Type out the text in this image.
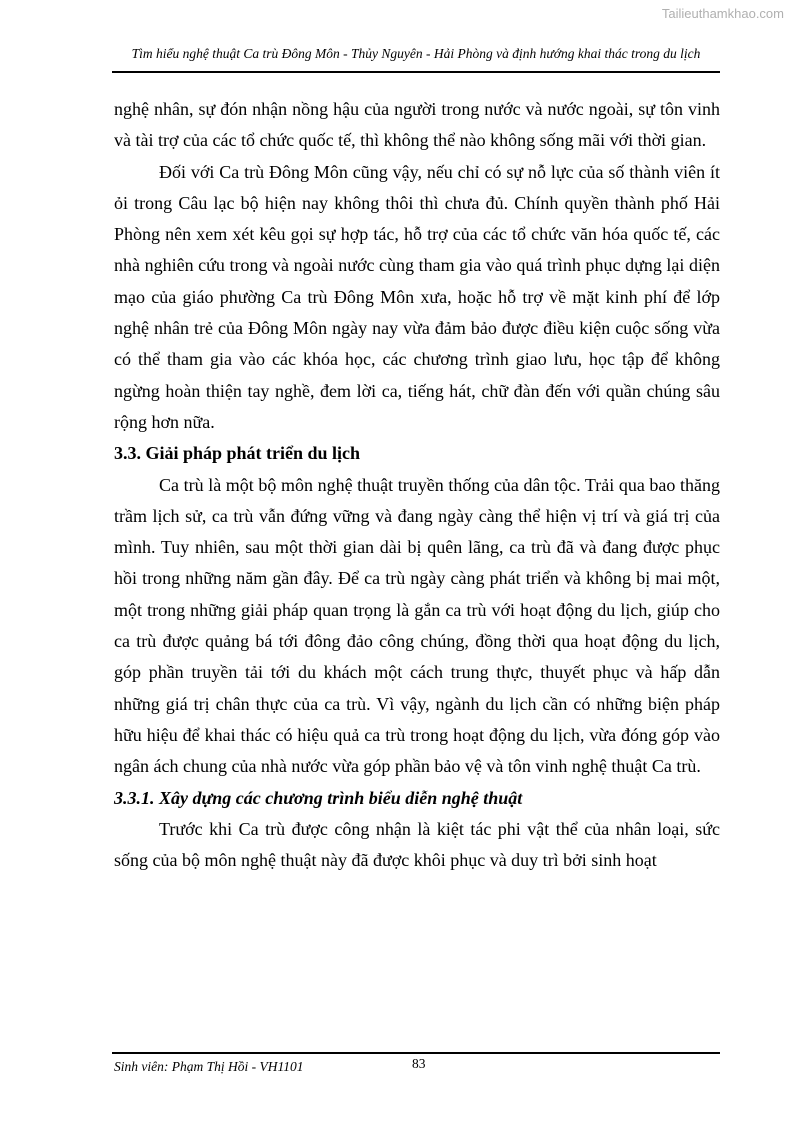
Tailieuthamkhao.com
Tìm hiểu nghệ thuật Ca trù Đông Môn - Thủy Nguyên - Hải Phòng và định hướng khai thác trong du lịch

nghệ nhân, sự đón nhận nồng hậu của người trong nước và nước ngoài, sự tôn vinh và tài trợ của các tổ chức quốc tế, thì không thể nào không sống mãi với thời gian.

Đối với Ca trù Đông Môn cũng vậy, nếu chỉ có sự nỗ lực của số thành viên ít ỏi trong Câu lạc bộ hiện nay không thôi thì chưa đủ. Chính quyền thành phố Hải Phòng nên xem xét kêu gọi sự hợp tác, hỗ trợ của các tổ chức văn hóa quốc tế, các nhà nghiên cứu trong và ngoài nước cùng tham gia vào quá trình phục dựng lại diện mạo của giáo phường Ca trù Đông Môn xưa, hoặc hỗ trợ về mặt kinh phí để lớp nghệ nhân trẻ của Đông Môn ngày nay vừa đảm bảo được điều kiện cuộc sống vừa có thể tham gia vào các khóa học, các chương trình giao lưu, học tập để không ngừng hoàn thiện tay nghề, đem lời ca, tiếng hát, chữ đàn đến với quần chúng sâu rộng hơn nữa.

3.3. Giải pháp phát triển du lịch

Ca trù là một bộ môn nghệ thuật truyền thống của dân tộc. Trải qua bao thăng trầm lịch sử, ca trù vẫn đứng vững và đang ngày càng thể hiện vị trí và giá trị của mình. Tuy nhiên, sau một thời gian dài bị quên lãng, ca trù đã và đang được phục hồi trong những năm gần đây. Để ca trù ngày càng phát triển và không bị mai một, một trong những giải pháp quan trọng là gắn ca trù với hoạt động du lịch, giúp cho ca trù được quảng bá tới đông đảo công chúng, đồng thời qua hoạt động du lịch, góp phần truyền tải tới du khách một cách trung thực, thuyết phục và hấp dẫn những giá trị chân thực của ca trù. Vì vậy, ngành du lịch cần có những biện pháp hữu hiệu để khai thác có hiệu quả ca trù trong hoạt động du lịch, vừa đóng góp vào ngân ách chung của nhà nước vừa góp phần bảo vệ và tôn vinh nghệ thuật Ca trù.

3.3.1. Xây dựng các chương trình biểu diễn nghệ thuật

Trước khi Ca trù được công nhận là kiệt tác phi vật thể của nhân loại, sức sống của bộ môn nghệ thuật này đã được khôi phục và duy trì bởi sinh hoạt

Sinh viên: Phạm Thị Hồi - VH1101	83
